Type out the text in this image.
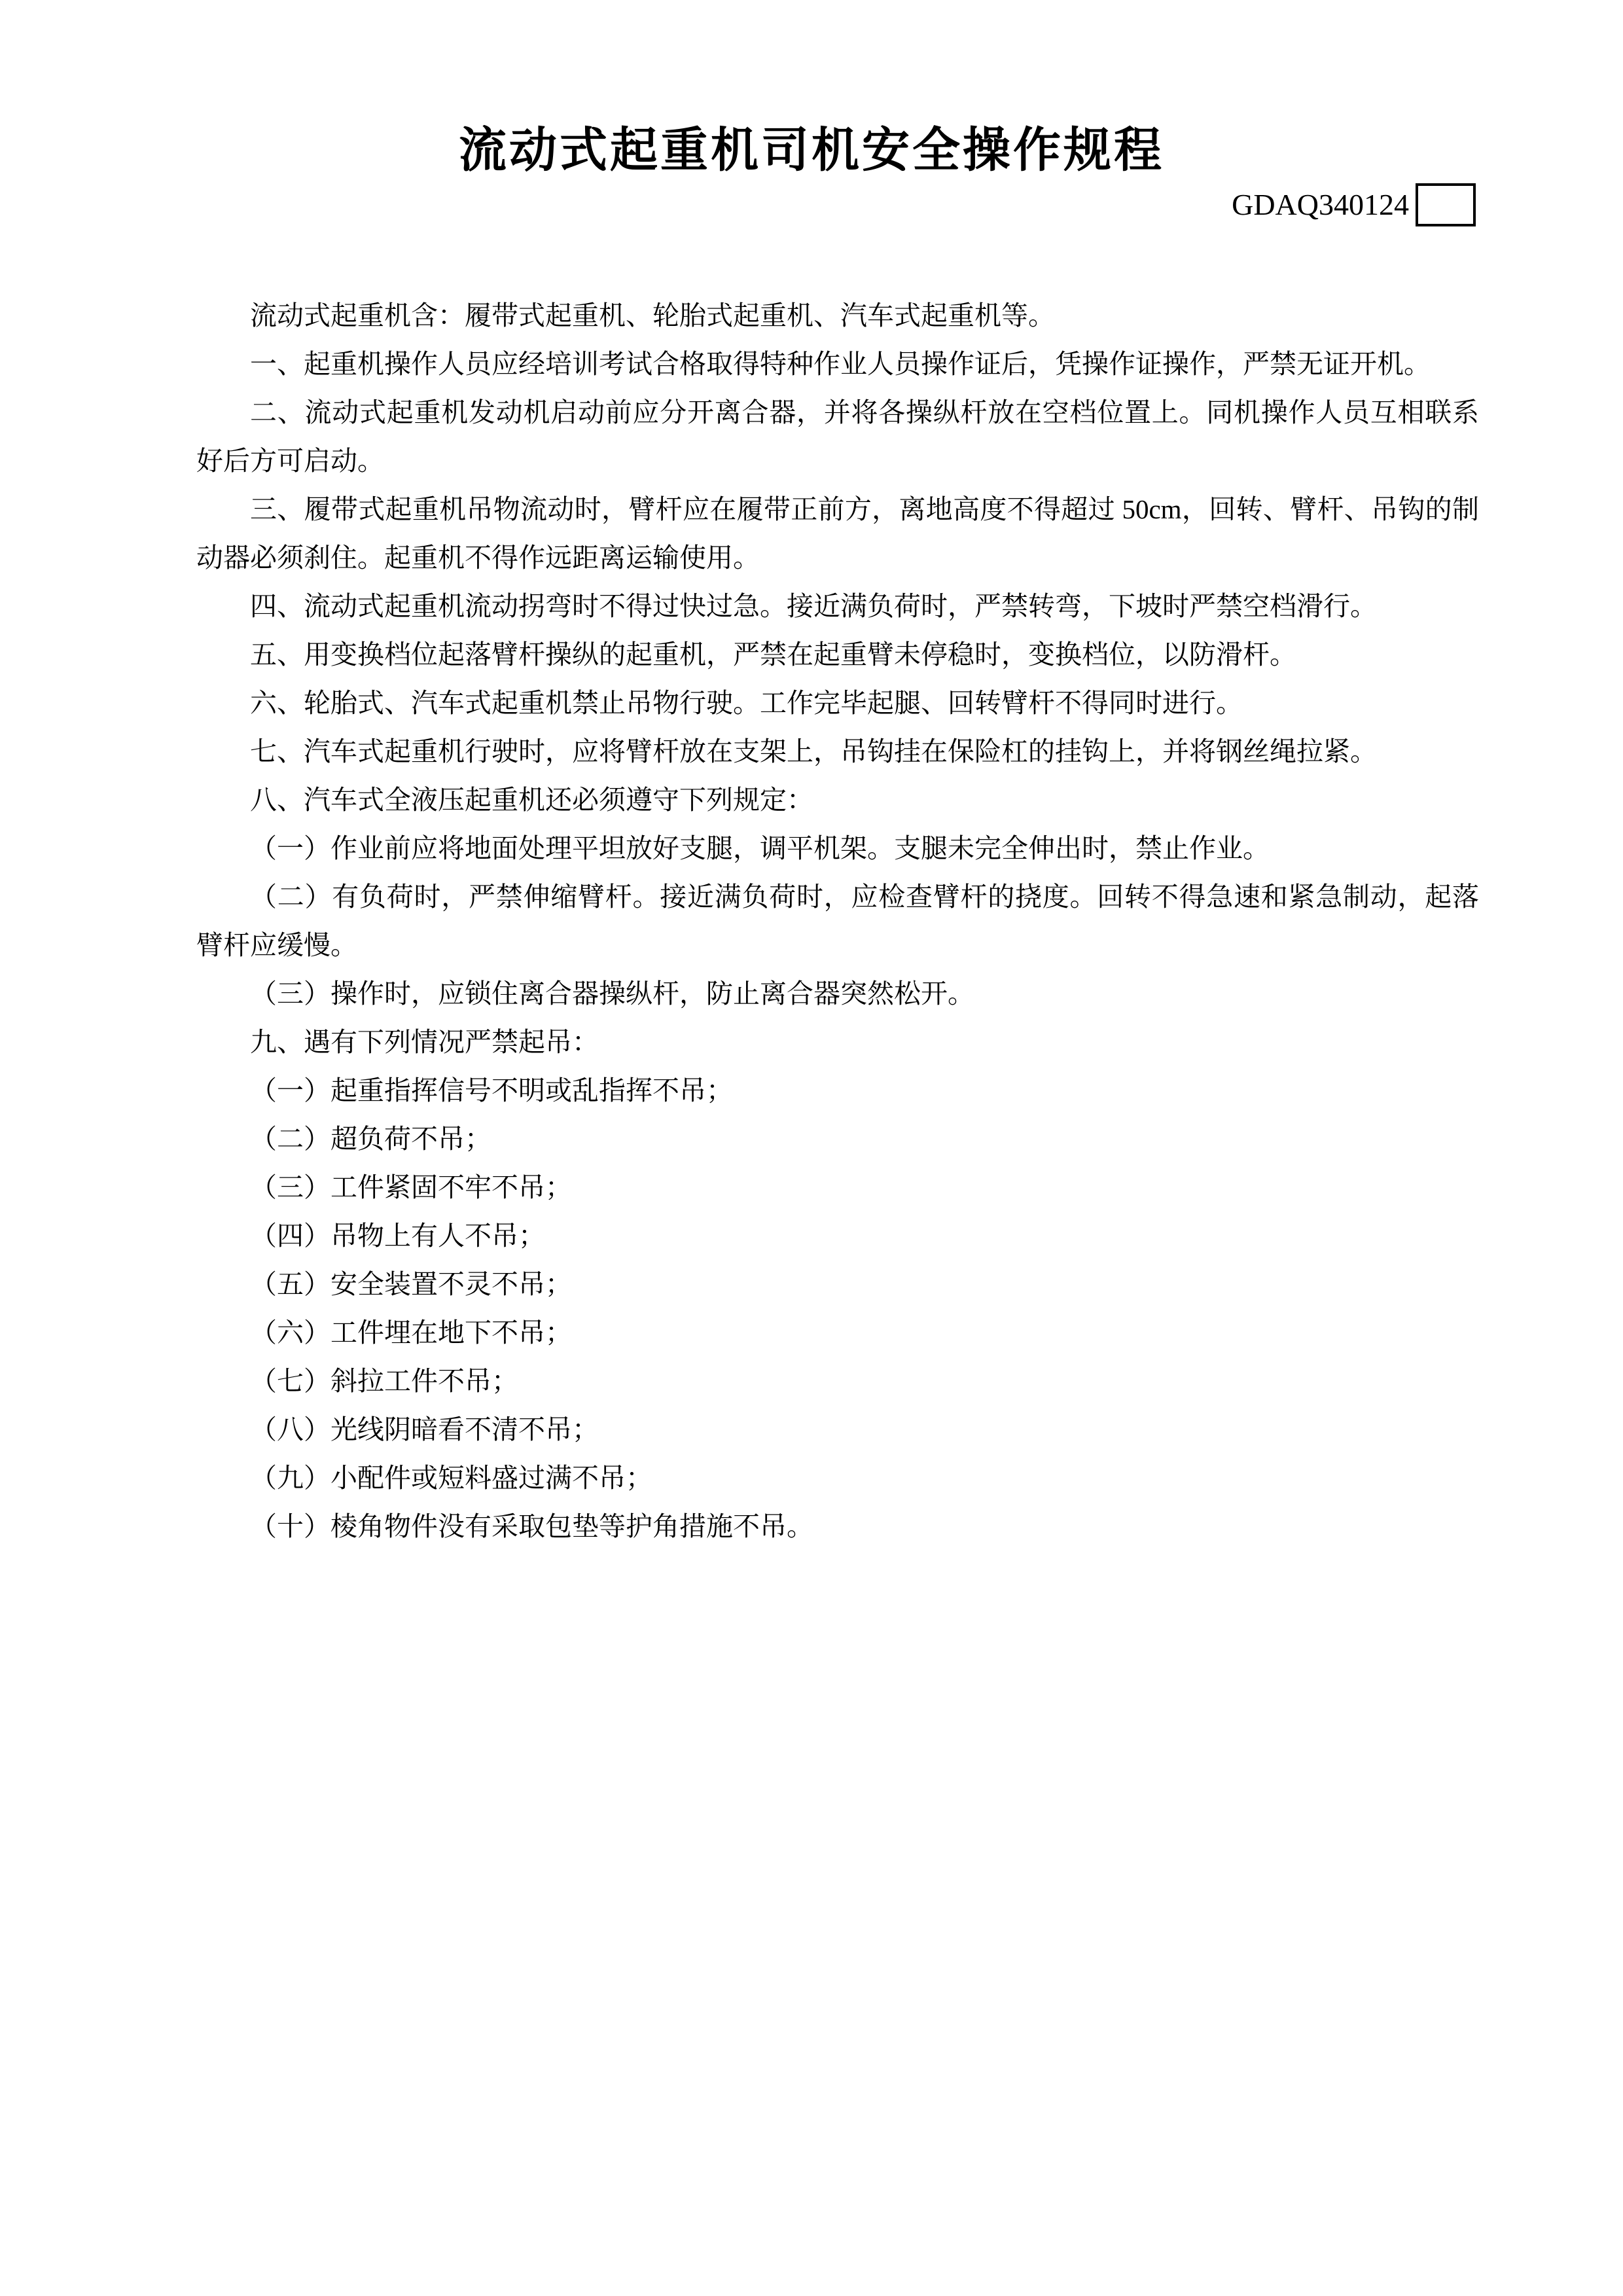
流动式起重机司机安全操作规程
GDAQ340124

流动式起重机含：履带式起重机、轮胎式起重机、汽车式起重机等。

一、起重机操作人员应经培训考试合格取得特种作业人员操作证后，凭操作证操作，严禁无证开机。

二、流动式起重机发动机启动前应分开离合器，并将各操纵杆放在空档位置上。同机操作人员互相联系好后方可启动。

三、履带式起重机吊物流动时，臂杆应在履带正前方，离地高度不得超过 50cm，回转、臂杆、吊钩的制动器必须刹住。起重机不得作远距离运输使用。

四、流动式起重机流动拐弯时不得过快过急。接近满负荷时，严禁转弯，下坡时严禁空档滑行。

五、用变换档位起落臂杆操纵的起重机，严禁在起重臂未停稳时，变换档位，以防滑杆。

六、轮胎式、汽车式起重机禁止吊物行驶。工作完毕起腿、回转臂杆不得同时进行。

七、汽车式起重机行驶时，应将臂杆放在支架上，吊钩挂在保险杠的挂钩上，并将钢丝绳拉紧。

八、汽车式全液压起重机还必须遵守下列规定：

（一）作业前应将地面处理平坦放好支腿，调平机架。支腿未完全伸出时，禁止作业。

（二）有负荷时，严禁伸缩臂杆。接近满负荷时，应检查臂杆的挠度。回转不得急速和紧急制动，起落臂杆应缓慢。

（三）操作时，应锁住离合器操纵杆，防止离合器突然松开。

九、遇有下列情况严禁起吊：

（一）起重指挥信号不明或乱指挥不吊；

（二）超负荷不吊；

（三）工件紧固不牢不吊；

（四）吊物上有人不吊；

（五）安全装置不灵不吊；

（六）工件埋在地下不吊；

（七）斜拉工件不吊；

（八）光线阴暗看不清不吊；

（九）小配件或短料盛过满不吊；

（十）棱角物件没有采取包垫等护角措施不吊。
